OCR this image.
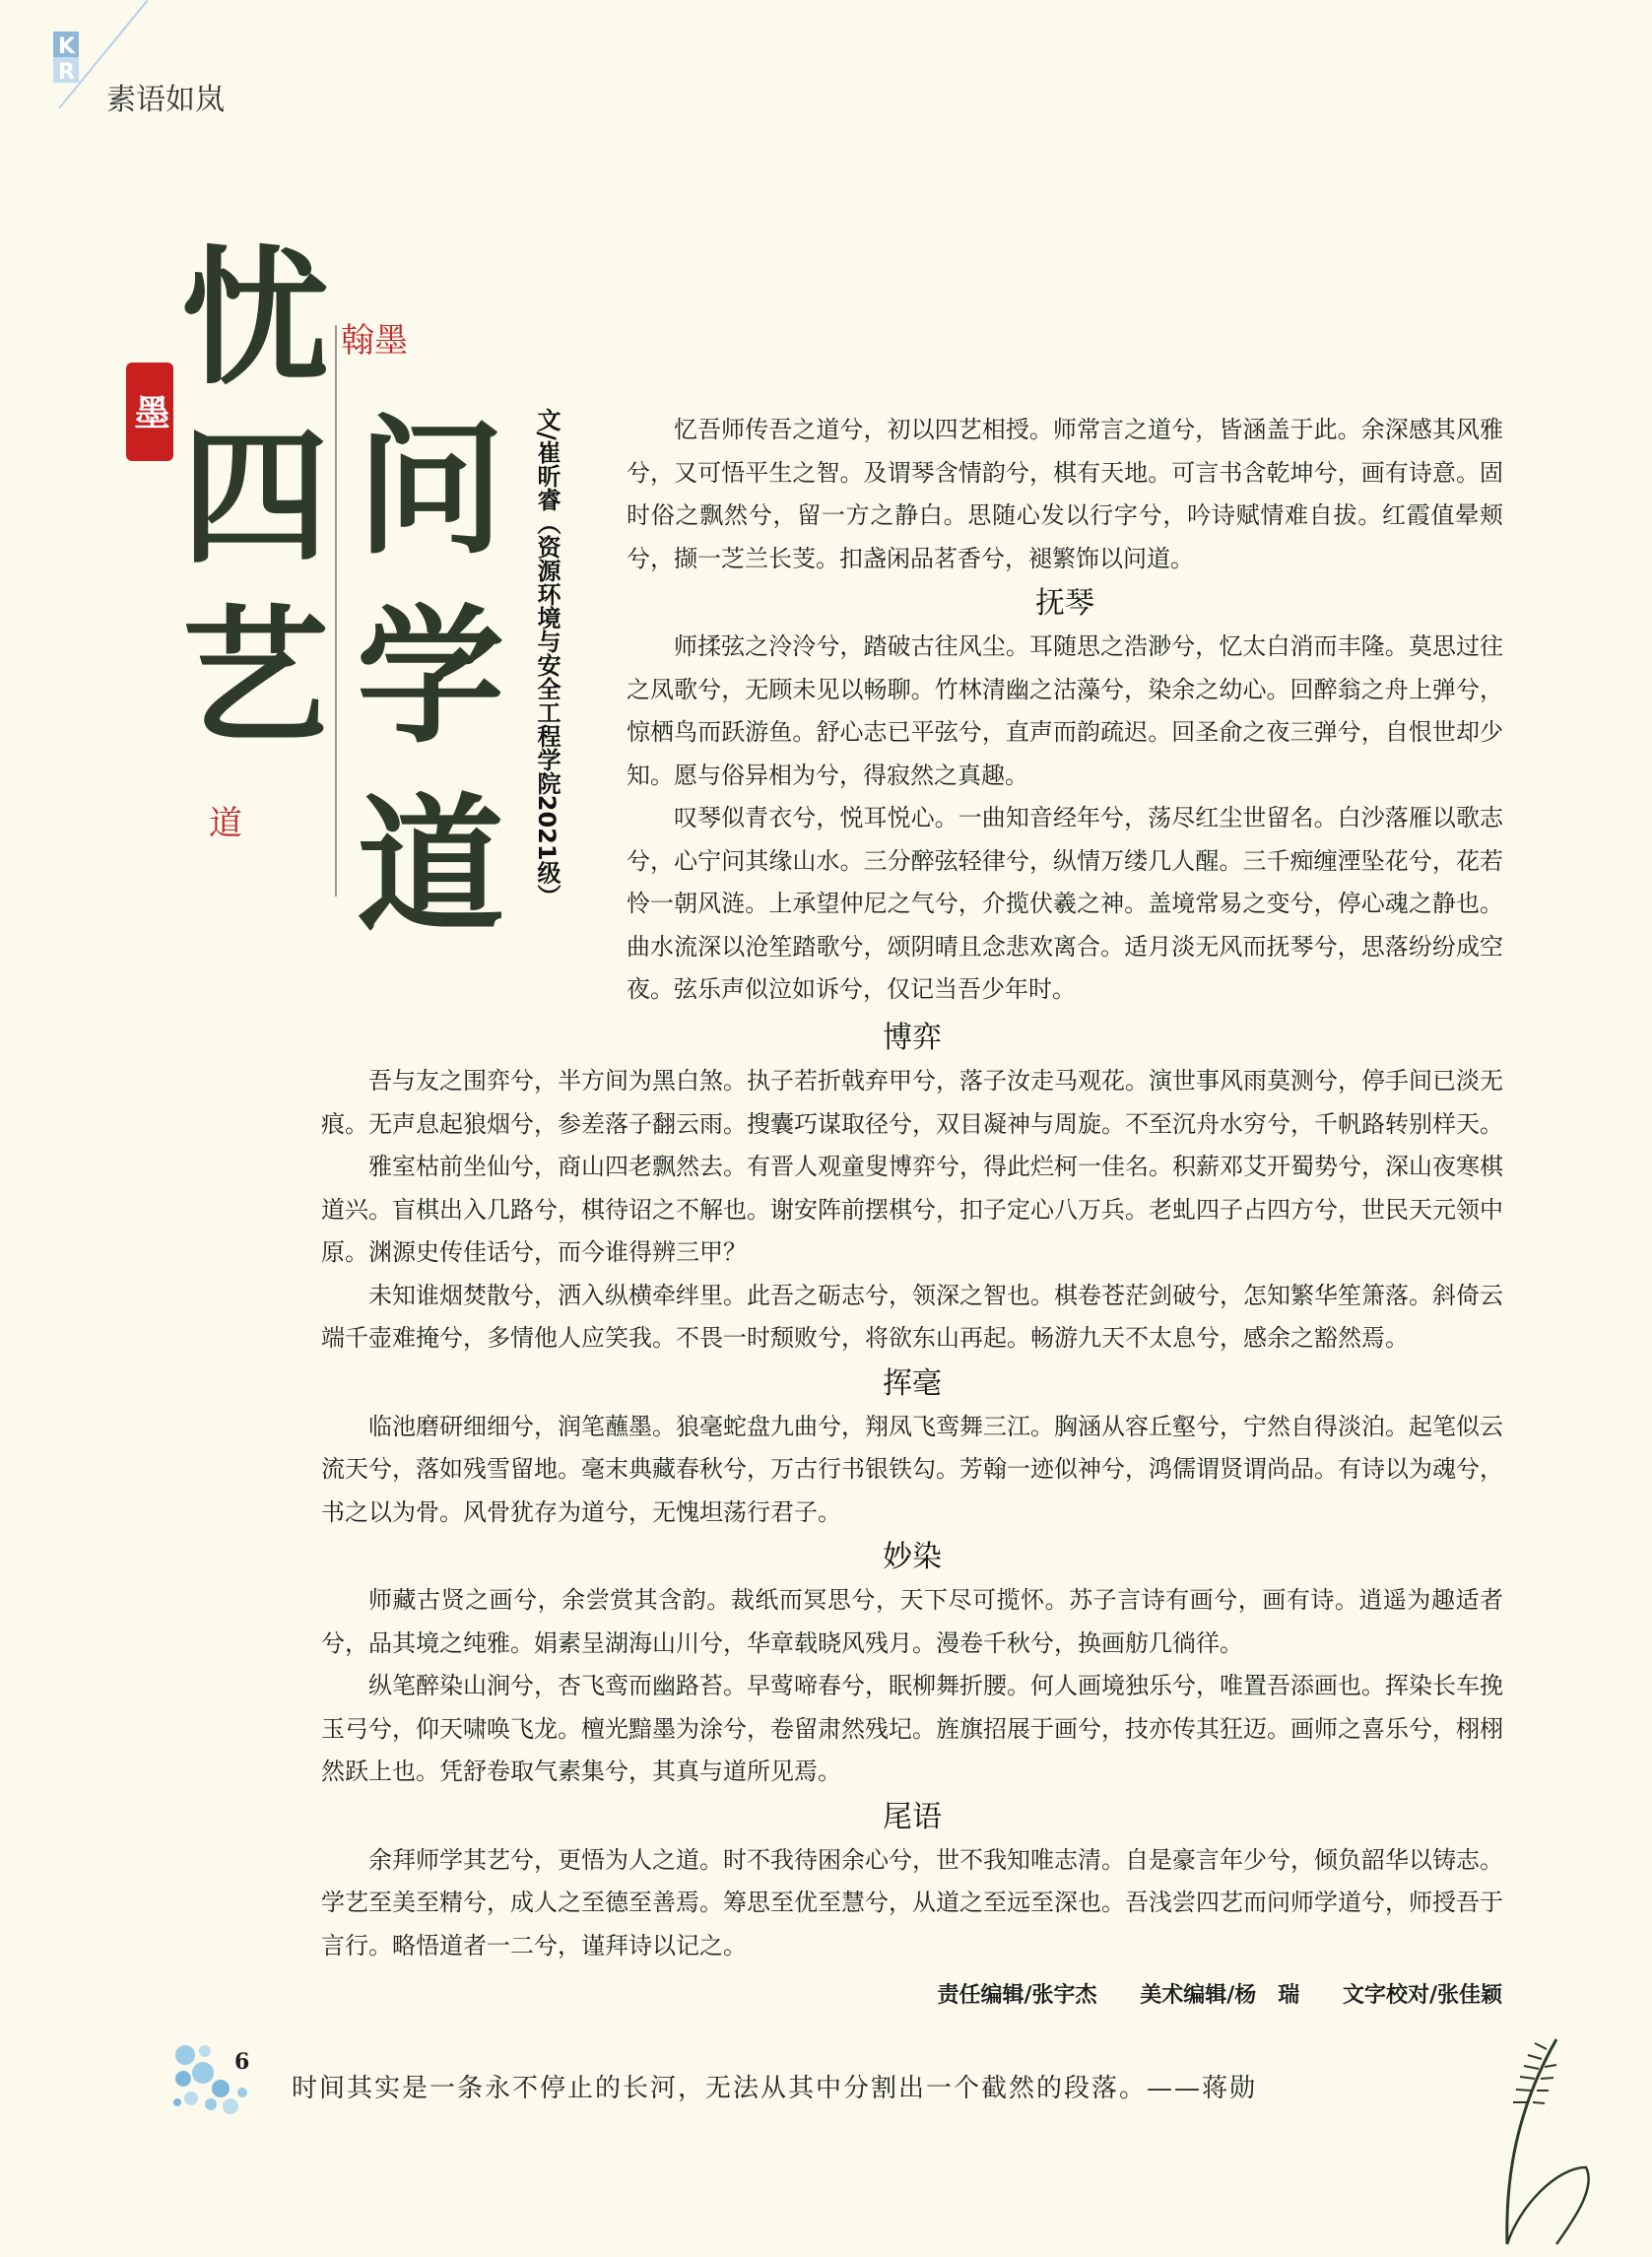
K
R
素语如岚
忧
四
艺
问
学
道
墨
翰墨
道	文/崔昕睿（资源环境与安全工程学院2021级）	忆吾师传吾之道兮，初以四艺相授。师常言之道兮，皆涵盖于此。余深感其风雅兮，又可悟平生之智。及谓琴含情韵兮，棋有天地。可言书含乾坤兮，画有诗意。固时俗之飘然兮，留一方之静白。思随心发以行字兮，吟诗赋情难自拔。红霞值晕颊兮，撷一芝兰长芰。扣盏闲品茗香兮，褪繁饰以问道。

抚琴

师揉弦之泠泠兮，踏破古往风尘。耳随思之浩渺兮，忆太白消而丰隆。莫思过往之凤歌兮，无顾未见以畅聊。竹林清幽之沽藻兮，染余之幼心。回醉翁之舟上弹兮，惊栖鸟而跃游鱼。舒心志已平弦兮，直声而韵疏迟。回圣俞之夜三弹兮，自恨世却少知。愿与俗异相为兮，得寂然之真趣。

叹琴似青衣兮，悦耳悦心。一曲知音经年兮，荡尽红尘世留名。白沙落雁以歌志兮，心宁问其缘山水。三分醉弦轻律兮，纵情万缕几人醒。三千痴缠湮坠花兮，花若怜一朝风涟。上承望仲尼之气兮，介揽伏羲之神。盖境常易之变兮，停心魂之静也。曲水流深以沧笙踏歌兮，颂阴晴且念悲欢离合。适月淡无风而抚琴兮，思落纷纷成空夜。弦乐声似泣如诉兮，仅记当吾少年时。

博弈

吾与友之围弈兮，半方间为黑白煞。执子若折戟弃甲兮，落子汝走马观花。演世事风雨莫测兮，停手间已淡无痕。无声息起狼烟兮，参差落子翻云雨。搜囊巧谋取径兮，双目凝神与周旋。不至沉舟水穷兮，千帆路转别样天。

雅室枯前坐仙兮，商山四老飘然去。有晋人观童叟博弈兮，得此烂柯一佳名。积薪邓艾开蜀势兮，深山夜寒棋道兴。盲棋出入几路兮，棋待诏之不解也。谢安阵前摆棋兮，扣子定心八万兵。老虬四子占四方兮，世民天元领中原。渊源史传佳话兮，而今谁得辨三甲？

未知谁烟焚散兮，洒入纵横牵绊里。此吾之砺志兮，领深之智也。棋卷苍茫剑破兮，怎知繁华笙箫落。斜倚云端千壶难掩兮，多情他人应笑我。不畏一时颓败兮，将欲东山再起。畅游九天不太息兮，感余之豁然焉。

挥毫

临池磨研细细兮，润笔蘸墨。狼毫蛇盘九曲兮，翔凤飞鸾舞三江。胸涵从容丘壑兮，宁然自得淡泊。起笔似云流天兮，落如残雪留地。毫末典藏春秋兮，万古行书银铁勾。芳翰一迹似神兮，鸿儒谓贤谓尚品。有诗以为魂兮，书之以为骨。风骨犹存为道兮，无愧坦荡行君子。

妙染

师藏古贤之画兮，余尝赏其含韵。裁纸而冥思兮，天下尽可揽怀。苏子言诗有画兮，画有诗。逍遥为趣适者兮，品其境之纯雅。娟素呈湖海山川兮，华章载晓风残月。漫卷千秋兮，换画舫几徜徉。

纵笔醉染山涧兮，杏飞鸾而幽路苔。早莺啼春兮，眠柳舞折腰。何人画境独乐兮，唯置吾添画也。挥染长车挽玉弓兮，仰天啸唤飞龙。檀光黯墨为涂兮，卷留肃然残圮。旌旗招展于画兮，技亦传其狂迈。画师之喜乐兮，栩栩然跃上也。凭舒卷取气素集兮，其真与道所见焉。

尾语

余拜师学其艺兮，更悟为人之道。时不我待困余心兮，世不我知唯志清。自是豪言年少兮，倾负韶华以铸志。学艺至美至精兮，成人之至德至善焉。筹思至优至慧兮，从道之至远至深也。吾浅尝四艺而问师学道兮，师授吾于言行。略悟道者一二兮，谨拜诗以记之。

责任编辑/张宇杰 美术编辑/杨　瑞 文字校对/张佳颖
6
时间其实是一条永不停止的长河，无法从其中分割出一个截然的段落。——蒋勋
